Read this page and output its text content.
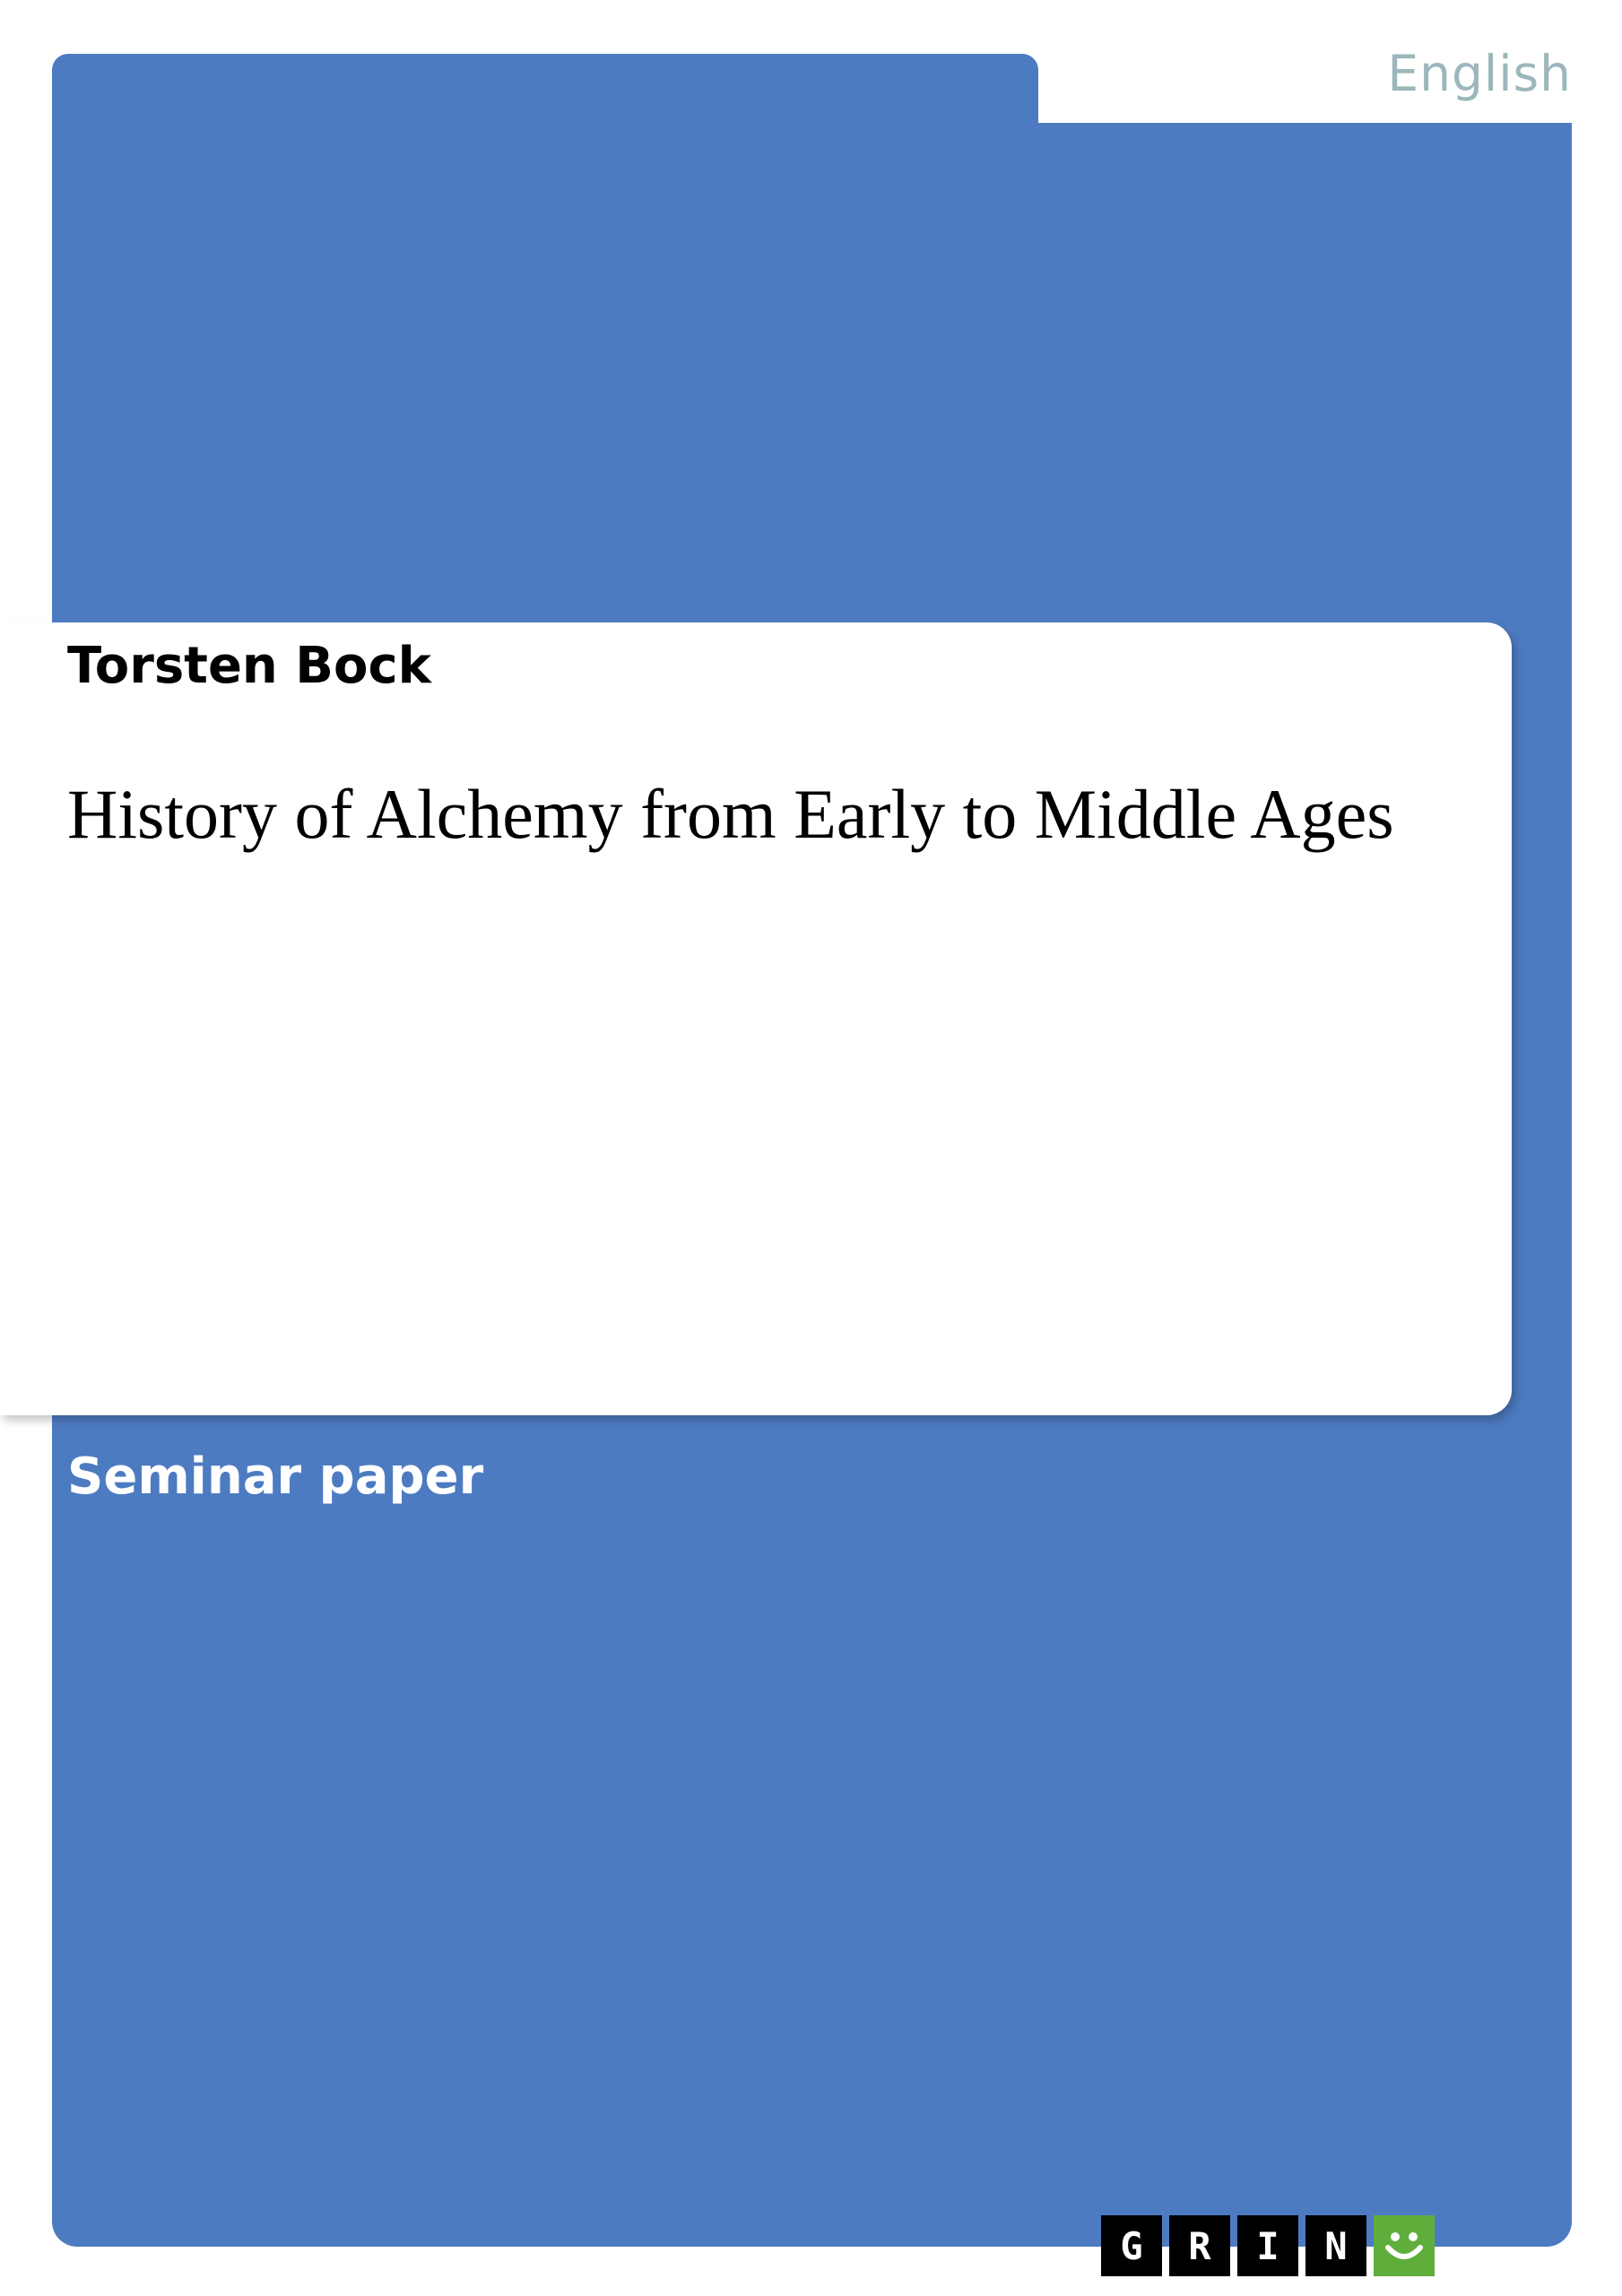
English
Torsten Bock
History of Alchemy from Early to Middle Ages
Seminar paper
G	R	I	N
